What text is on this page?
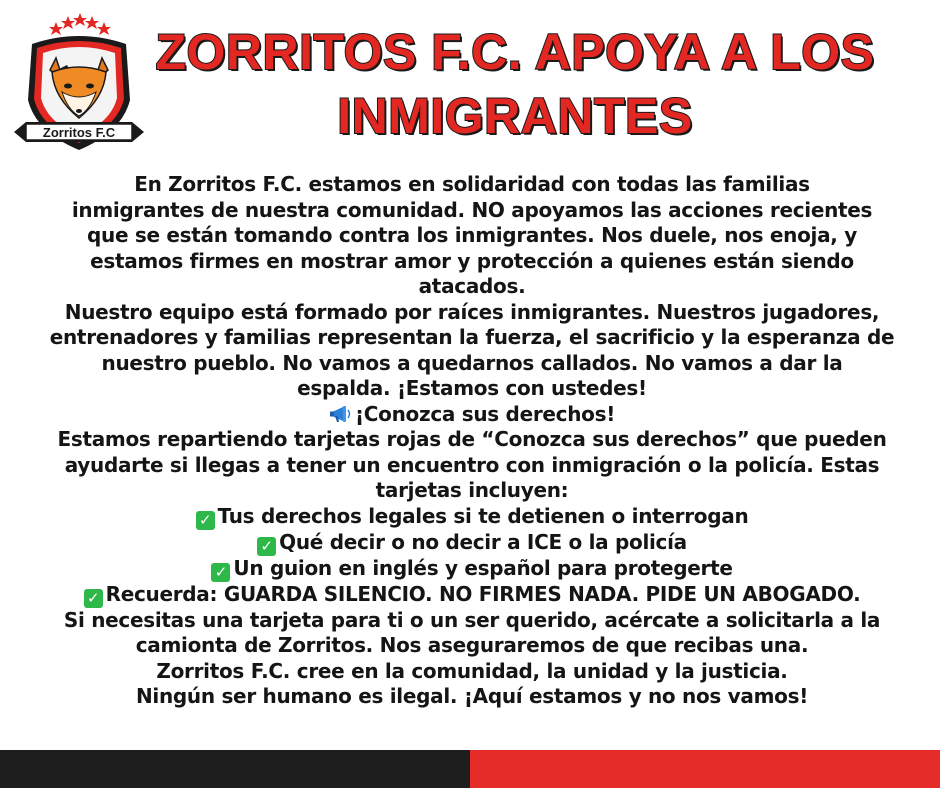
Zorritos F.C
ZORRITOS F.C. APOYA A LOS
INMIGRANTES
En Zorritos F.C. estamos en solidaridad con todas las familias
inmigrantes de nuestra comunidad. NO apoyamos las acciones recientes
que se están tomando contra los inmigrantes. Nos duele, nos enoja, y
estamos firmes en mostrar amor y protección a quienes están siendo
atacados.
Nuestro equipo está formado por raíces inmigrantes. Nuestros jugadores,
entrenadores y familias representan la fuerza, el sacrificio y la esperanza de
nuestro pueblo. No vamos a quedarnos callados. No vamos a dar la
espalda. ¡Estamos con ustedes!
¡Conozca sus derechos!
Estamos repartiendo tarjetas rojas de “Conozca sus derechos” que pueden
ayudarte si llegas a tener un encuentro con inmigración o la policía. Estas
tarjetas incluyen:
✓ Tus derechos legales si te detienen o interrogan
✓ Qué decir o no decir a ICE o la policía
✓ Un guion en inglés y español para protegerte
✓ Recuerda: GUARDA SILENCIO. NO FIRMES NADA. PIDE UN ABOGADO.
Si necesitas una tarjeta para ti o un ser querido, acércate a solicitarla a la
camionta de Zorritos. Nos aseguraremos de que recibas una.
Zorritos F.C. cree en la comunidad, la unidad y la justicia.
Ningún ser humano es ilegal. ¡Aquí estamos y no nos vamos!
